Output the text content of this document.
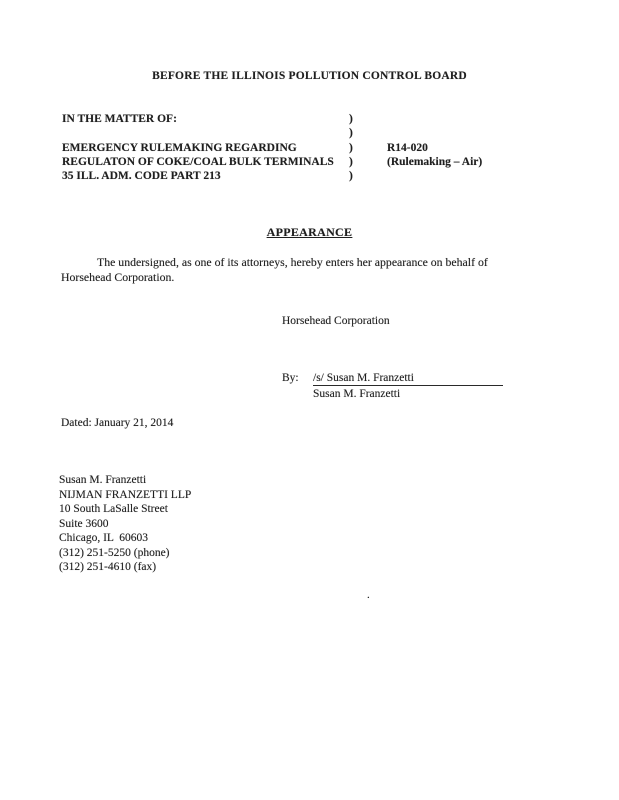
BEFORE THE ILLINOIS POLLUTION CONTROL BOARD
IN THE MATTER OF:	)
)
EMERGENCY RULEMAKING REGARDING	)	R14-020
REGULATON OF COKE/COAL BULK TERMINALS )	(Rulemaking – Air)
35 ILL. ADM. CODE PART 213	)
APPEARANCE
The undersigned, as one of its attorneys, hereby enters her appearance on behalf of
Horsehead Corporation.
Horsehead Corporation
By: /s/ Susan M. Franzetti
Susan M. Franzetti
Dated: January 21, 2014
Susan M. Franzetti
NIJMAN FRANZETTI LLP
10 South LaSalle Street
Suite 3600
Chicago, IL  60603
(312) 251-5250 (phone)
(312) 251-4610 (fax)
.
